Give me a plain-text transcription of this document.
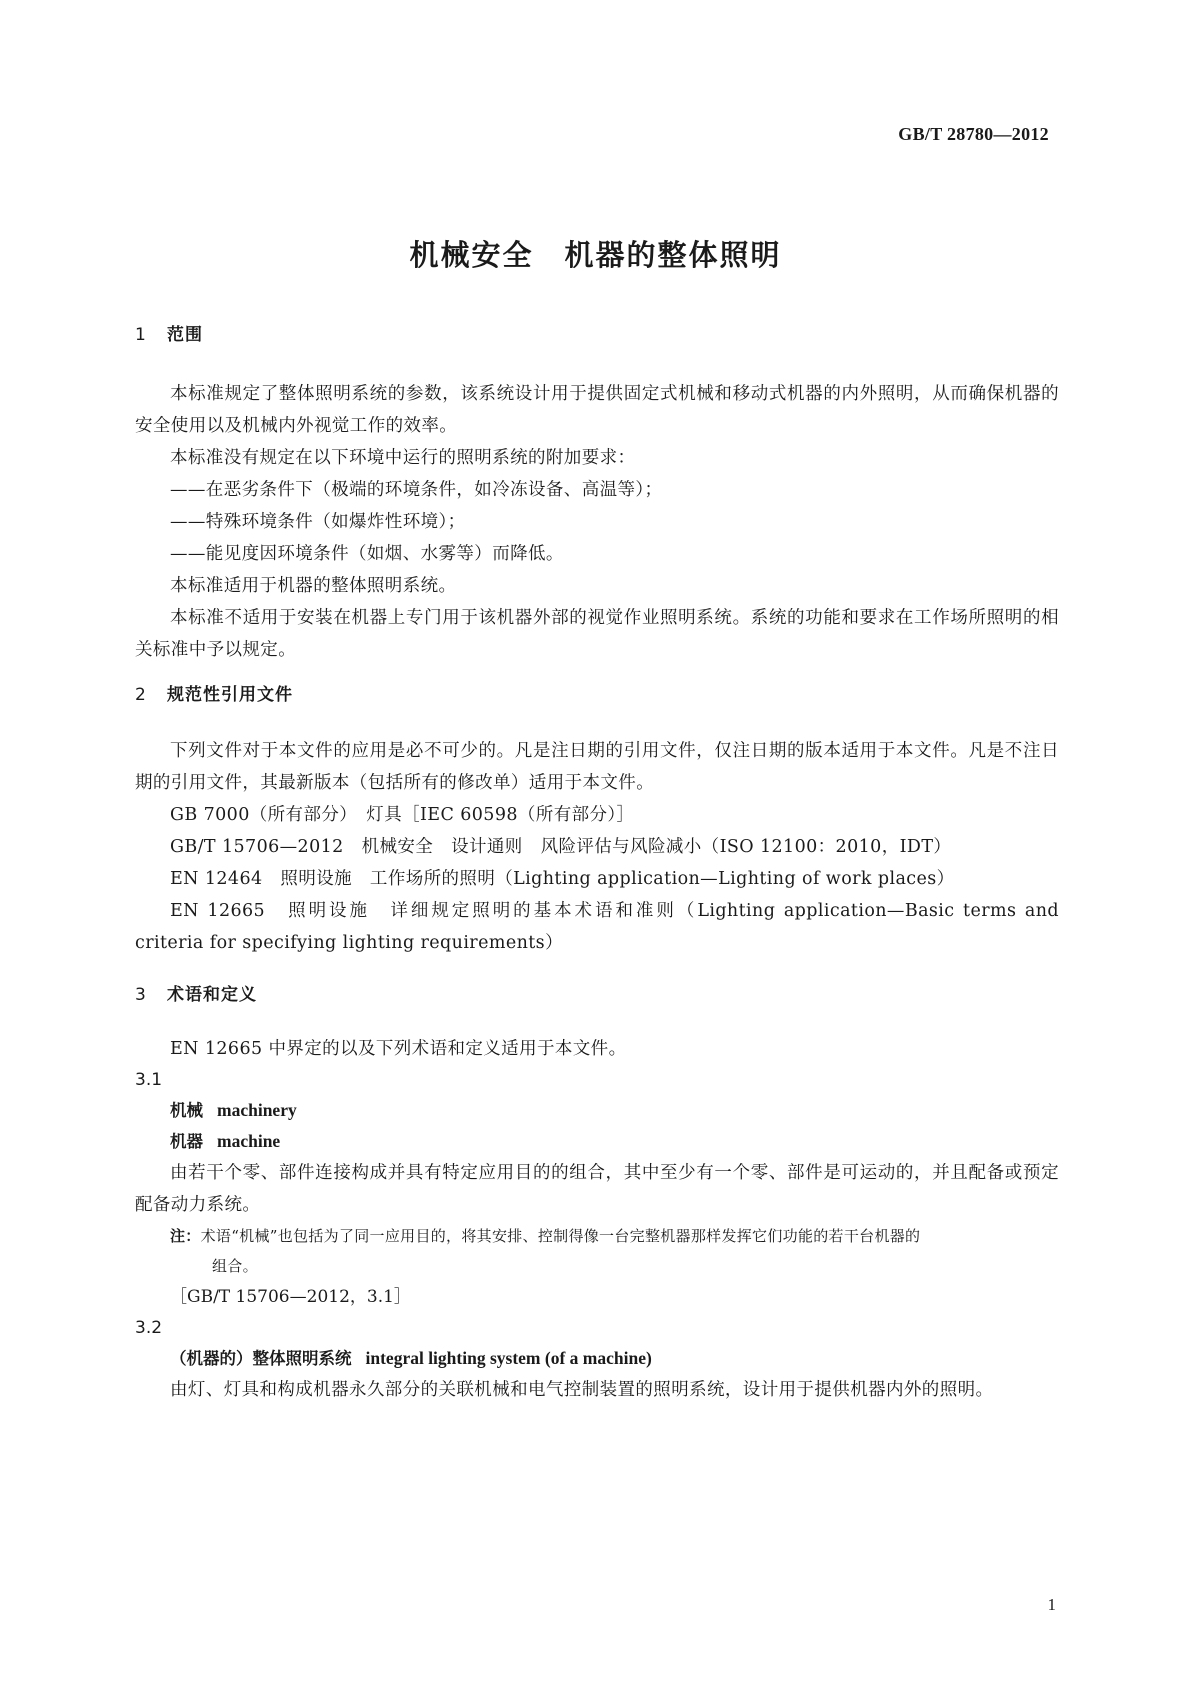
GB/T 28780—2012
机械安全　机器的整体照明
1 范围

本标准规定了整体照明系统的参数，该系统设计用于提供固定式机械和移动式机器的内外照明，从而确保机器的安全使用以及机械内外视觉工作的效率。

本标准没有规定在以下环境中运行的照明系统的附加要求：

——在恶劣条件下（极端的环境条件，如冷冻设备、高温等）；

——特殊环境条件（如爆炸性环境）；

——能见度因环境条件（如烟、水雾等）而降低。

本标准适用于机器的整体照明系统。

本标准不适用于安装在机器上专门用于该机器外部的视觉作业照明系统。系统的功能和要求在工作场所照明的相关标准中予以规定。

2 规范性引用文件

下列文件对于本文件的应用是必不可少的。凡是注日期的引用文件，仅注日期的版本适用于本文件。凡是不注日期的引用文件，其最新版本（包括所有的修改单）适用于本文件。

GB 7000（所有部分）　灯具［IEC 60598（所有部分）］

GB/T 15706—2012　机械安全　设计通则　风险评估与风险减小（ISO 12100：2010，IDT）

EN 12464　照明设施　工作场所的照明（Lighting application—Lighting of work places）

EN 12665　照明设施　详细规定照明的基本术语和准则（Lighting application—Basic terms and criteria for specifying lighting requirements）

3 术语和定义

EN 12665 中界定的以及下列术语和定义适用于本文件。

3.1
机械 machinery
机器 machine

由若干个零、部件连接构成并具有特定应用目的的组合，其中至少有一个零、部件是可运动的，并且配备或预定配备动力系统。

注：术语“机械”也包括为了同一应用目的，将其安排、控制得像一台完整机器那样发挥它们功能的若干台机器的
组合。
［GB/T 15706—2012，3.1］
3.2
（机器的）整体照明系统 integral lighting system (of a machine)

由灯、灯具和构成机器永久部分的关联机械和电气控制装置的照明系统，设计用于提供机器内外的照明。

1
